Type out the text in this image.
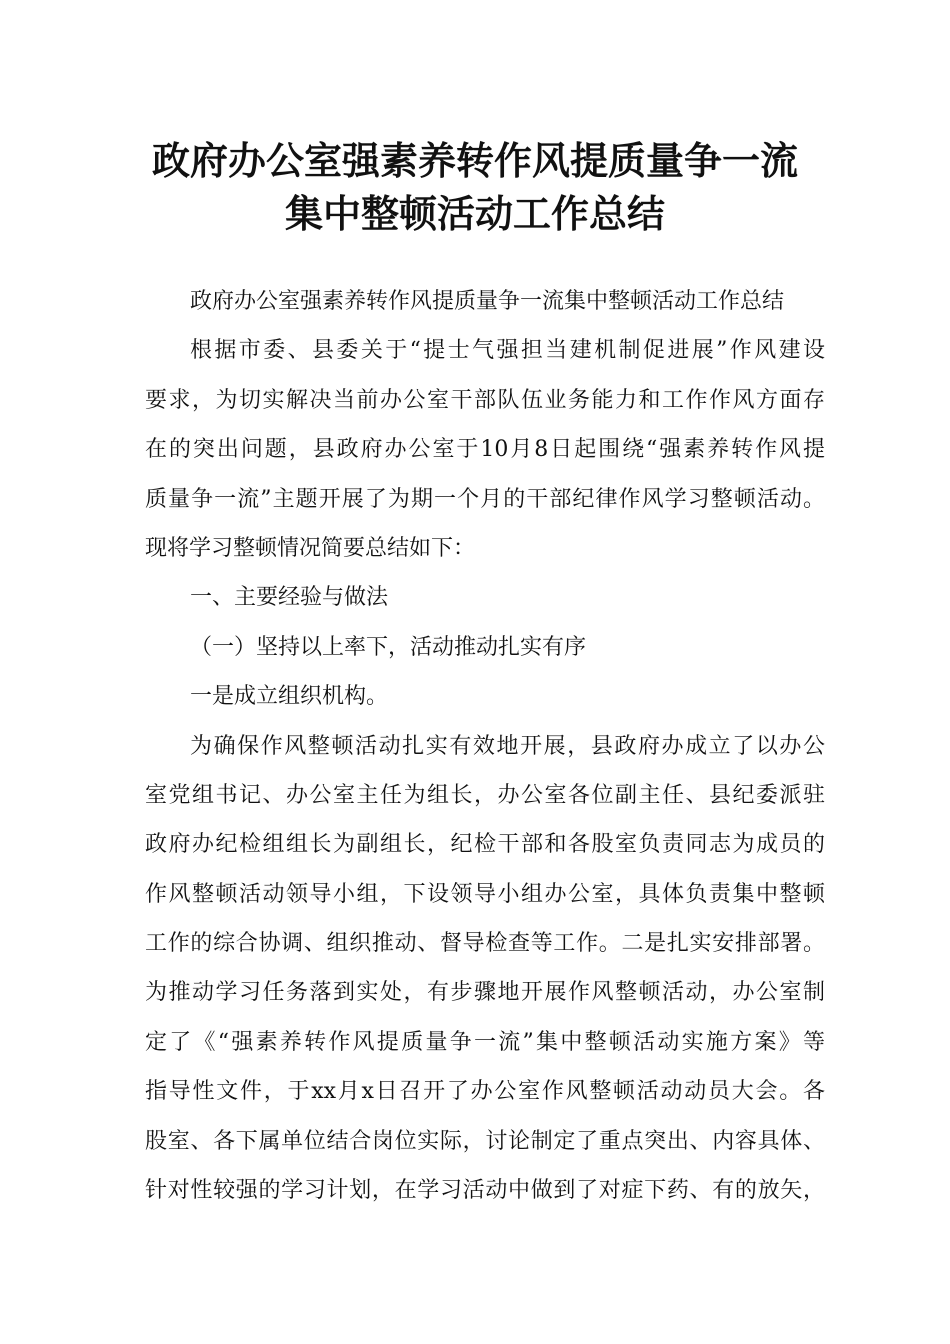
政府办公室强素养转作风提质量争一流
集中整顿活动工作总结
政府办公室强素养转作风提质量争一流集中整顿活动工作总结
根据市委、县委关于“提士气强担当建机制促进展”作风建设
要求，为切实解决当前办公室干部队伍业务能力和工作作风方面存
在的突出问题，县政府办公室于10月8日起围绕“强素养转作风提
质量争一流”主题开展了为期一个月的干部纪律作风学习整顿活动。
现将学习整顿情况简要总结如下：
一、主要经验与做法
（一）坚持以上率下，活动推动扎实有序
一是成立组织机构。
为确保作风整顿活动扎实有效地开展，县政府办成立了以办公
室党组书记、办公室主任为组长，办公室各位副主任、县纪委派驻
政府办纪检组组长为副组长，纪检干部和各股室负责同志为成员的
作风整顿活动领导小组，下设领导小组办公室，具体负责集中整顿
工作的综合协调、组织推动、督导检查等工作。二是扎实安排部署。
为推动学习任务落到实处，有步骤地开展作风整顿活动，办公室制
定了《“强素养转作风提质量争一流”集中整顿活动实施方案》等
指导性文件，于xx月x日召开了办公室作风整顿活动动员大会。各
股室、各下属单位结合岗位实际，讨论制定了重点突出、内容具体、
针对性较强的学习计划，在学习活动中做到了对症下药、有的放矢，
